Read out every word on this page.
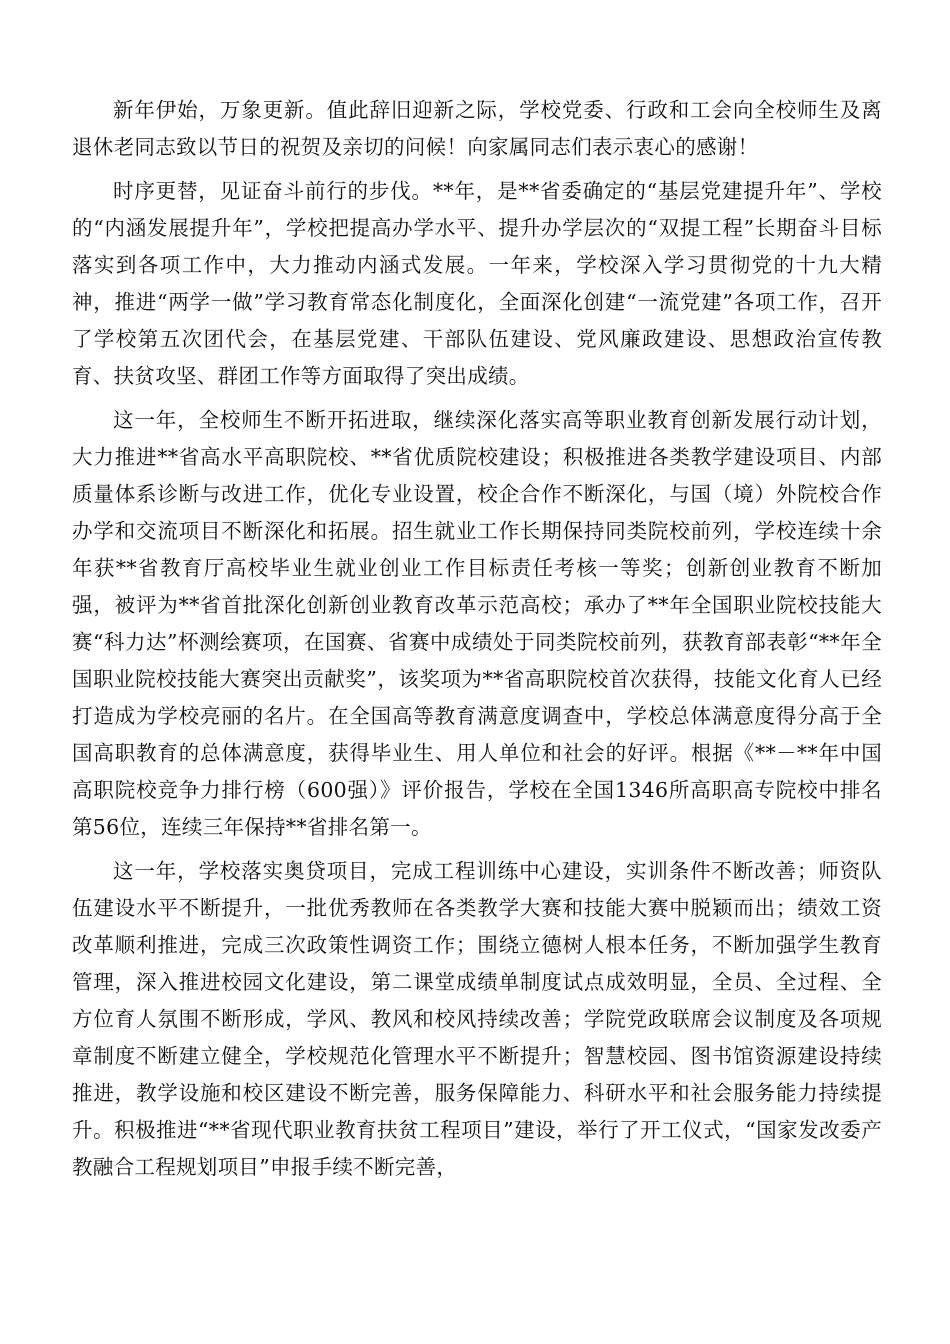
新年伊始，万象更新。值此辞旧迎新之际，学校党委、行政和工会向全校师生及离退休老同志致以节日的祝贺及亲切的问候！向家属同志们表示衷心的感谢！

时序更替，见证奋斗前行的步伐。**年，是**省委确定的“基层党建提升年”、学校的“内涵发展提升年”，学校把提高办学水平、提升办学层次的“双提工程”长期奋斗目标落实到各项工作中，大力推动内涵式发展。一年来，学校深入学习贯彻党的十九大精神，推进“两学一做”学习教育常态化制度化，全面深化创建“一流党建”各项工作，召开了学校第五次团代会，在基层党建、干部队伍建设、党风廉政建设、思想政治宣传教育、扶贫攻坚、群团工作等方面取得了突出成绩。

这一年，全校师生不断开拓进取，继续深化落实高等职业教育创新发展行动计划，大力推进**省高水平高职院校、**省优质院校建设；积极推进各类教学建设项目、内部质量体系诊断与改进工作，优化专业设置，校企合作不断深化，与国（境）外院校合作办学和交流项目不断深化和拓展。招生就业工作长期保持同类院校前列，学校连续十余年获**省教育厅高校毕业生就业创业工作目标责任考核一等奖；创新创业教育不断加强，被评为**省首批深化创新创业教育改革示范高校；承办了**年全国职业院校技能大赛“科力达”杯测绘赛项，在国赛、省赛中成绩处于同类院校前列，获教育部表彰“**年全国职业院校技能大赛突出贡献奖”，该奖项为**省高职院校首次获得，技能文化育人已经打造成为学校亮丽的名片。在全国高等教育满意度调查中，学校总体满意度得分高于全国高职教育的总体满意度，获得毕业生、用人单位和社会的好评。根据《**－**年中国高职院校竞争力排行榜（600强）》评价报告，学校在全国1346所高职高专院校中排名第56位，连续三年保持**省排名第一。

这一年，学校落实奥贷项目，完成工程训练中心建设，实训条件不断改善；师资队伍建设水平不断提升，一批优秀教师在各类教学大赛和技能大赛中脱颖而出；绩效工资改革顺利推进，完成三次政策性调资工作；围绕立德树人根本任务，不断加强学生教育管理，深入推进校园文化建设，第二课堂成绩单制度试点成效明显，全员、全过程、全方位育人氛围不断形成，学风、教风和校风持续改善；学院党政联席会议制度及各项规章制度不断建立健全，学校规范化管理水平不断提升；智慧校园、图书馆资源建设持续推进，教学设施和校区建设不断完善，服务保障能力、科研水平和社会服务能力持续提升。积极推进“**省现代职业教育扶贫工程项目”建设，举行了开工仪式，“国家发改委产教融合工程规划项目”申报手续不断完善，
